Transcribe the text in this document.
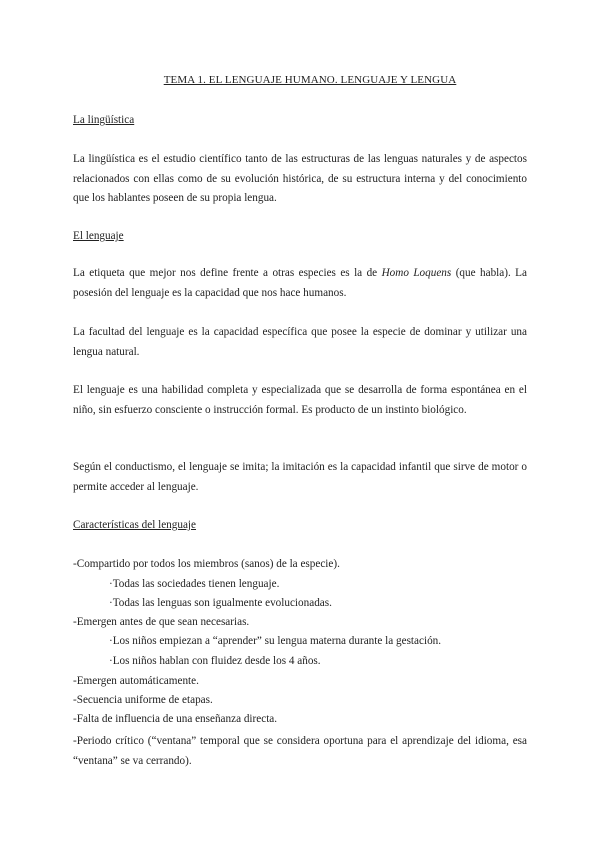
TEMA 1. EL LENGUAJE HUMANO. LENGUAJE Y LENGUA
La lingüística
La lingüística es el estudio científico tanto de las estructuras de las lenguas naturales y de aspectos relacionados con ellas como de su evolución histórica, de su estructura interna y del conocimiento que los hablantes poseen de su propia lengua.
El lenguaje
La etiqueta que mejor nos define frente a otras especies es la de Homo Loquens (que habla). La posesión del lenguaje es la capacidad que nos hace humanos.
La facultad del lenguaje es la capacidad específica que posee la especie de dominar y utilizar una lengua natural.
El lenguaje es una habilidad completa y especializada que se desarrolla de forma espontánea en el niño, sin esfuerzo consciente o instrucción formal. Es producto de un instinto biológico.
Según el conductismo, el lenguaje se imita; la imitación es la capacidad infantil que sirve de motor o permite acceder al lenguaje.
Características del lenguaje
-Compartido por todos los miembros (sanos) de la especie).
·Todas las sociedades tienen lenguaje.
·Todas las lenguas son igualmente evolucionadas.
-Emergen antes de que sean necesarias.
·Los niños empiezan a “aprender” su lengua materna durante la gestación.
·Los niños hablan con fluidez desde los 4 años.
-Emergen automáticamente.
-Secuencia uniforme de etapas.
-Falta de influencia de una enseñanza directa.
-Periodo crítico (“ventana” temporal que se considera oportuna para el aprendizaje del idioma, esa “ventana” se va cerrando).
